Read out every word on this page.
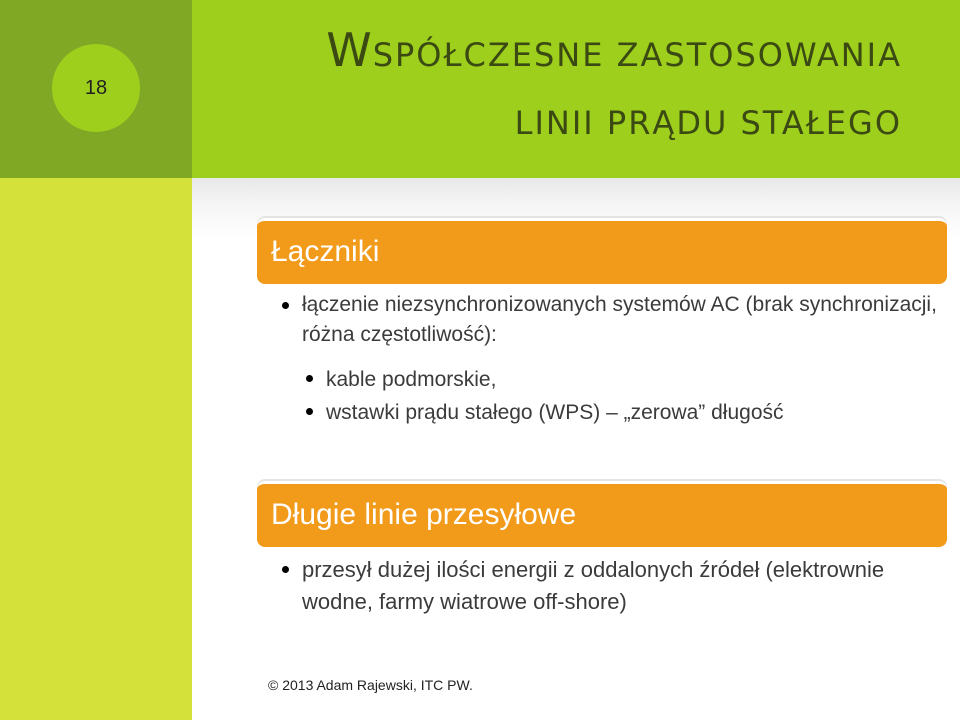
18
WSPÓŁCZESNE ZASTOSOWANIA
LINII PRĄDU STAŁEGO
Łączniki
łączenie niezsynchronizowanych systemów AC (brak synchronizacji, różna częstotliwość):
kable podmorskie,
wstawki prądu stałego (WPS) – „zerowa” długość
Długie linie przesyłowe
przesył dużej ilości energii z oddalonych źródeł (elektrownie wodne, farmy wiatrowe off-shore)
© 2013 Adam Rajewski, ITC PW.
